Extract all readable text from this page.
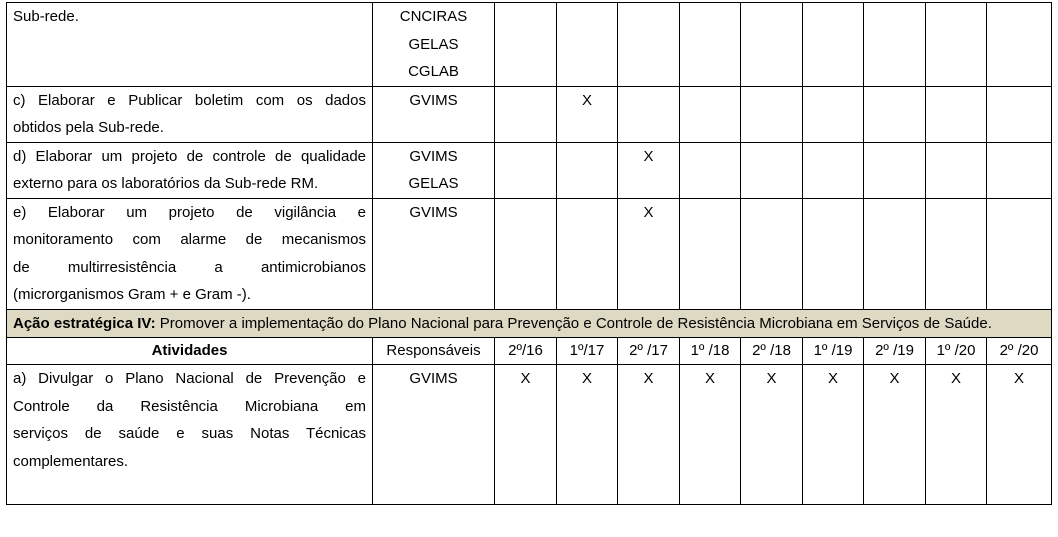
Sub-rede.	CNCIRAS
GELAS
CGLAB									

c) Elaborar e Publicar boletim com os dados
obtidos pela Sub-rede.	GVIMS		X							

d) Elaborar um projeto de controle de qualidade
externo para os laboratórios da Sub-rede RM.	GVIMS
GELAS			X						

e) Elaborar um projeto de vigilância e
monitoramento com alarme de mecanismos
de multirresistência a antimicrobianos
(microrganismos Gram + e Gram -).	GVIMS			X						
Ação estratégica IV: Promover a implementação do Plano Nacional para Prevenção e Controle de Resistência Microbiana em Serviços de Saúde.										
Atividades	Responsáveis	2º/16	1º/17	2º /17	1º /18	2º /18	1º /19	2º /19	1º /20	2º /20

a) Divulgar o Plano Nacional de Prevenção e
Controle da Resistência Microbiana em
serviços de saúde e suas Notas Técnicas
complementares.	GVIMS	X	X	X	X	X	X	X	X	X
